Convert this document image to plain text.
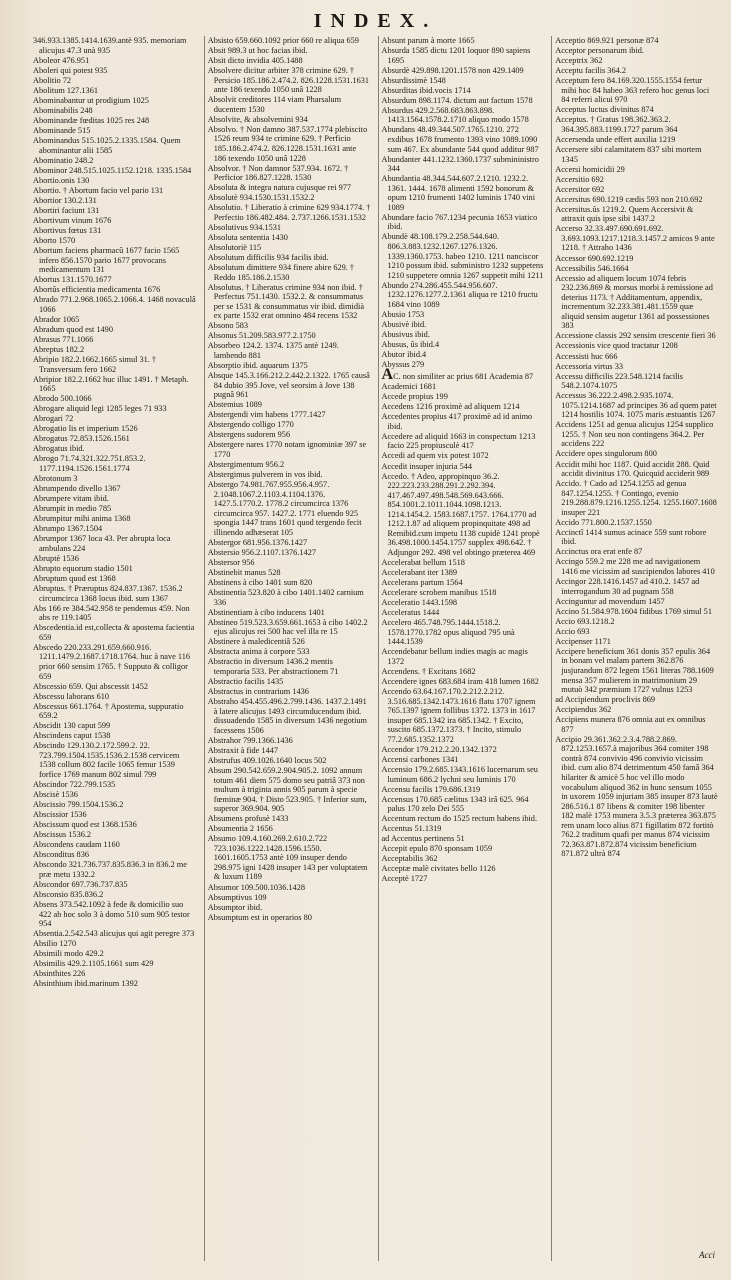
INDEX.
346.933.1385.1414.1639.antè 935. memoriam alicujus 47.3 unà 935
Aboleor 476.951
Aboleri qui potest 935
Abolitio 72
Abolitum 127.1361
Abominabantur ut prodigium 1025
Abominabilis 248
Abominandæ fœditas 1025 res 248
Abominande 515
Abominandus 515.1025.2.1335.1584. Quem abominantur alii 1585
Abominatio 248.2
Abominor 248.515.1025.1152.1218. 1335.1584
Abortio.onis 130
Abortio. † Abortum facio vel pario 131
Abortior 130.2.131
Abortiri faciunt 131
Abortivum vinum 1676
Abortivus fœtus 131
Aborto 1570
Abortum faciens pharmacû 1677 facio 1565 infero 856.1570 pario 1677 provocans medicamentum 131
Abortus 131.1570.1677
Abortûs efficientia medicamenta 1676
Abrado 771.2.968.1065.2.1066.4. 1468 novaculâ 1066
Abrador 1065
Abradum quod est 1490
Abrasus 771.1066
Abreptus 182.2
Abripio 182.2.1662.1665 simul 31. † Transversum fero 1662
Abripior 182.2.1662 huc illuc 1491. † Metaph. 1665
Abrodo 500.1066
Abrogare aliquid legi 1285 leges 71 933
Abrogari 72
Abrogatio lis et imperium 1526
Abrogatus 72.853.1526.1561
Abrogatus ibid.
Abrogo 71.74.321.322.751.853.2. 1177.1194.1526.1561.1774
Abrotonum 3
Abrumpendo divello 1367
Abrumpere vitam ibid.
Abrumpit in medio 785
Abrumpitur mihi anima 1368
Abrumpo 1367.1504
Abrumpor 1367 loca 43. Per abrupta loca ambulans 224
Abruptè 1536
Abrupto equorum stadio 1501
Abruptum quod est 1368
Abruptus. † Præruptus 824.837.1367. 1536.2 circumcirca 1368 locus ibid. sum 1367
Abs 166 re 384.542.958 te pendemus 459. Non abs re 119.1405
Abscedentia.id est,collecta & apostema facientia 659
Abscedo 220.233.291.659.660.916. 1211.1479.2.1687.1718.1764. huc à nave 116 prior 660 sensim 1765. † Supputo & colligor 659
Abscessio 659. Qui abscessit 1452
Abscessu laborans 610
Abscessus 661.1764. † Apostema, suppuratio 659.2
Abscidit 130 caput 599
Abscindens caput 1538
Abscindo 129.130.2.172.599.2. 22. 723.799.1504.1535.1536.2.1538 cervicem 1538 collum 802 facile 1065 femur 1539 forfice 1769 manum 802 simul 799
Abscindor 722.799.1535
Abscisè 1536
Abscissio 799.1504.1536.2
Abscissior 1536
Abscissum quod est 1368.1536
Abscissus 1536.2
Abscondens caudam 1160
Absconditus 836
Abscondo 321.736.737.835.836.3 in 836.2 me præ metu 1332.2
Abscondor 697.736.737.835
Absconsio 835.836.2
Absens 373.542.1092 à fede & domicilio suo 422 ab hoc solo 3 à domo 510 sum 905 testor 954
Absentia.2.542.543 alicujus qui agit peregre 373
Absilio 1270
Absimili modo 429.2
Absimilis 429.2.1105.1661 sum 429
Absinthites 226
Absinthium ibid.marinum 1392
Absisto 659.660.1092 prior 660 re aliqua 659
Absit 989.3 ut hoc facias ibid.
Absit dicto invidia 405.1488
Absolvere dicitur arbiter 378 crimine 629. † Persicio 185.186.2.474.2. 826.1228.1531.1631 ante 186 texendo 1050 unâ 1228
Absolvit creditores 114 viam Pharsalum ducentem 1530
Absolvite, & absolvemini 934
Absolvo. † Non damno 387.537.1774 plebiscito 1526 reum 934 te crimine 629. † Perficio 185.186.2.474.2. 826.1228.1531.1631 ante 186 texendo 1050 unâ 1228
Absolvor. † Non damnor 537.934. 1672. † Perficior 186.827.1228. 1530
Absoluta & integra natura cujusque rei 977
Absolutè 934.1530.1531.1532.2
Absolutio. † Liberatio à crimine 629 934.1774. † Perfectio 186.482.484. 2.737.1266.1531.1532
Absolutivus 934.1531
Absoluta sententia 1430
Absolutorië 115
Absolutum difficilis 934 facilis ibid.
Absolutum dimittere 934 finere abire 629. † Reddo 185.186.2.1530
Absolutus. † Liberatus crimine 934 non ibid. † Perfectus 751.1430. 1532.2. & consummatus per se 1531 & consummatus vir ibid. dimidià ex parte 1532 erat omnino 484 recens 1532
Absono 583
Absonus 51.209.583.977.2.1750
Absorbeo 124.2. 1374. 1375 antè 1249. lambendo 881
Absorptio ibid. aquarum 1375
Absque 145.3.166.212.2.442.2.1322. 1765 causâ 84 dubio 395 Jove, vel seorsim à Jove 138 pugnâ 961
Abstemius 1089
Abstergendi vim habens 1777.1427
Abstergendo colligo 1770
Abstergens sudorem 956
Abstergere nares 1770 notam ignominiæ 397 se 1770
Abstergimentum 956.2
Abstergimus pulverem in vos ibid.
Abstergo 74.981.767.955.956.4.957. 2.1048.1067.2.1103.4.1104.1376. 1427.5.1770.2. 1778.2 circumcirca 1376 circumcirca 957. 1427.2. 1771 eluendo 925 spongia 1447 trans 1601 quod tergendo fecit illinendo adhæserat 105
Abstergor 681.956.1376.1427
Abstersio 956.2.1107.1376.1427
Abstersor 956
Abstinebit manus 528
Abstinens à cibo 1401 sum 820
Abstinentia 523.820 à cibo 1401.1402 carnium 336
Abstinentiam à cibo inducens 1401
Abstineo 519.523.3.659.661.1653 à cibo 1402.2 ejus alicujus rei 500 hac vel illa re 15
Abstinere à maledicentiâ 526
Abstracta anima à corpore 533
Abstractio in diversum 1436.2 mentis temporaria 533. Per abstractionem 71
Abstractio facilis 1435
Abstractus in contrarium 1436
Abstraho 454.455.496.2.799.1436. 1437.2.1491 à latere alicujus 1493 circumducendum ibid. dissuadendo 1585 in diversum 1436 negotium facessens 1506
Abstrahor 799.1366.1436
Abstraxit à fide 1447
Abstrufus 409.1026.1640 locus 502
Absum 290.542.659.2.904.905.2. 1092 annum totum 461 diem 575 domo seu patriâ 373 non multum à triginta annis 905 parum à specie fœminæ 904. † Disto 523.905. † Inferior sum, superor 369.904. 905
Absumens profusè 1433
Absumentia 2 1656
Absumo 109.4.160.269.2.610.2.722 723.1036.1222.1428.1596.1550. 1601.1605.1753 antè 109 insuper dendo 298.975 igni 1428 insuper 143 per voluptatem & luxum 1189
Absumor 109.500.1036.1428
Absumptivus 109
Absumptor ibid.
Absumptum est in operarios 80
Absunt parum à morte 1665
Absurda 1585 dictu 1201 loquor 890 sapiens 1695
Absurdè 429.898.1201.1578 non 429.1409
Absurdissimè 1548
Absurditas ibid.vocis 1714
Absurdum 898.1174. dictum aut factum 1578
Absurdus 429.2.568.683.863.898. 1413.1564.1578.2.1710 aliquo modo 1578
Abundans 48.49.344.507.1765.1210. 272 exdibus 1678 frumento 1393 vino 1089.1090 sum 467. Ex abundante 544 quod additur 987
Abundanter 441.1232.1360.1737 submininistro 344
Abundantia 48.344.544.607.2.1210. 1232.2. 1361. 1444. 1678 alimenti 1592 bonorum & opum 1210 frumenti 1402 luminis 1740 vini 1089
Abundare facio 767.1234 pecunia 1653 viatico ibid.
Abundè 48.108.179.2.258.544.640. 806.3.883.1232.1267.1276.1326. 1339.1360.1753. habeo 1210. 1211 nanciscor 1210 possum ibid. subministro 1232 suppetens 1210 suppetere omnia 1267 suppetit mihi 1211
Abundo 274.286.455.544.956.607. 1232.1276.1277.2.1361 aliqua re 1210 fructu 1684 vino 1089
Abusio 1753
Abusivè ibid.
Abusivus ibid.
Abusus, ûs ibid.4
Abutor ibid.4
Abyssus 279
AC. non similiter ac prius 681 Academia 87
Academici 1681
Accede propius 199
Accedens 1216 proximè ad aliquem 1214
Accedentes propius 417 proximè ad id animo ibid.
Accedere ad aliquid 1663 in conspectum 1213 facio 225 propiusculè 417
Accedi ad quem vix potest 1072
Accedit insuper injuria 544
Accedo. † Adeo, appropinquo 36.2. 222.223.233.288.291.2.292.394. 417.467.497.498.548.569.643.666. 854.1001.2.1011.1044.1098.1213. 1214.1454.2. 1583.1687.1757. 1764.1770 ad 1212.1.87 ad aliquem propinquitate 498 ad Remibid.cum impetu 1138 cupidè 1241 propè 36.498.1000.1454.1757 supplex 498.642. † Adjungor 292. 498 vel obtingo præterea 469
Accelerabat bellum 1518
Accelerabant iter 1389
Accelerans partum 1564
Accelerare scrobem manibus 1518
Acceleratio 1443.1598
Acceleratus 1444
Accelero 465.748.795.1444.1518.2. 1578.1770.1782 opus aliquod 795 unà 1444.1539
Accendebatur bellum indies magis ac magis 1372
Accendens. † Excitans 1682
Accendere ignes 683.684 iram 418 lumen 1682
Accendo 63.64.167.170.2.212.2.212. 3.516.685.1342.1473.1616 flatu 1707 ignem 765.1397 ignem follibus 1372. 1373 in 1617 insuper 685.1342 ira 685.1342. † Excito, suscito 685.1372.1373. † Incito, stimulo 77.2.685.1352.1372
Accendor 179.212.2.20.1342.1372
Accensi carbones 1341
Accensio 179.2.685.1343.1616 lucernarum seu luminum 686.2 lychni seu luminis 170
Accensu facilis 179.686.1319
Accensus 170.685 cælitus 1343 irâ 625. 964 palus 170 zelo Dei 555
Accentum rectum do 1525 rectum habens ibid.
Accentus 51.1319
ad Accentus pertinens 51
Accepit epulo 870 sponsam 1059
Acceptabilis 362
Acceptæ malè civitates bello 1126
Acceptè 1727
Acceptio 869.921 personæ 874
Acceptor personarum ibid.
Acceptrix 362
Acceptu facilis 364.2
Acceptum fero 84.169.320.1555.1554 fertur mihi hoc 84 habeo 363 refero hoc genus loci 84 referri alicui 970
Acceptus luctus divinitus 874
Acceptus. † Gratus 198.362.363.2. 364.395.883.1199.1727 parum 364
Accersenda unde effert auxilia 1219
Accersere sibi calamitatem 837 sibi mortem 1345
Accersi homicidii 29
Accersitio 692
Accersitor 692
Accersitus 690.1219 cædis 593 non 210.692
Accersitus.ûs 1219.2. Quem Accersivit & attraxit quis ipse sibi 1437.2
Accerso 32.33.497.690.691.692. 3.693.1093.1217.1218.3.1457.2 amicos 9 ante 1218. † Attraho 1436
Accessor 690.692.1219
Accessibilis 546.1664
Accessio ad aliquem locum 1074 febris 232.236.869 & morsus morbi à remissione ad deterius 1173. † Additamentum, appendix, incrementum 32.233.381.481.1559 quæ aliquid sensim augetur 1361 ad possessiones 383
Accessione classis 292 sensim crescente fieri 36
Accessionis vice quod tractatur 1208
Accessisti huc 666
Accessoria virtus 33
Accessu difficilis 223.548.1214 facilis 548.2.1074.1075
Accessus 36.222.2.498.2.935.1074. 1075.1214.1687 ad principes 36 ad quem patet 1214 hostilis 1074. 1075 maris æstuantis 1267
Accidens 1251 ad genua alicujus 1254 supplico 1255. † Non seu non contingens 364.2. Per accidens 222
Accidere opes singulorum 800
Accidit mihi hoc 1187. Quid accidit 288. Quid accidit divinitus 170. Quicquid acciderit 989
Accido. † Cado ad 1254.1255 ad genua 847.1254.1255. † Contingo, evenio 219.288.879.1216.1255.1254. 1255.1607.1608 insuper 221
Accido 771.800.2.1537.1550
Accinctî 1414 sumus acinace 559 sunt robore ibid.
Accinctus ora erat enfe 87
Accingo 559.2 me 228 me ad navigationem 1416 me vicissim ad suscipiendos labores 410
Accingor 228.1416.1457 ad 410.2. 1457 ad interrogandum 30 ad pugnam 558
Accinguntur ad movendum 1457
Accino 51.584.978.1604 fidibus 1769 simul 51
Accio 693.1218.2
Accio 693
Accipenser 1171
Accipere beneficium 361 donis 357 epulis 364 in bonam vel malam partem 362.876 jusjurandum 872 legem 1561 literas 788.1609 mensa 357 mulierem in matrimonium 29 mutuò 342 præmium 1727 vulnus 1253
ad Accipiendum proclivis 869
Accipiendus 362
Accipiens munera 876 omnia aut ex omnibus 877
Accipio 29.361.362.2.3.4.788.2.869. 872.1253.1657.à majoribus 364 comiter 198 contrà 874 convivio 496 convivio vicissim ibid. cum alio 874 detrimentum 450 famâ 364 hilariter & amicè 5 hoc vel illo modo vocabulum aliquod 362 in hunc sensum 1055 in uxorem 1059 injuriam 385 insuper 873 lautè 286.516.1 87 libens & comiter 198 libenter 182 malè 1753 munera 3.5.3 præterea 363.875 rem unam loco alius 871 figillatim 872 fortitò 762.2 traditum quafi per manus 874 vicissim 72.363.871.872.874 vicissim beneficium 871.872 ultrà 874
Acci
